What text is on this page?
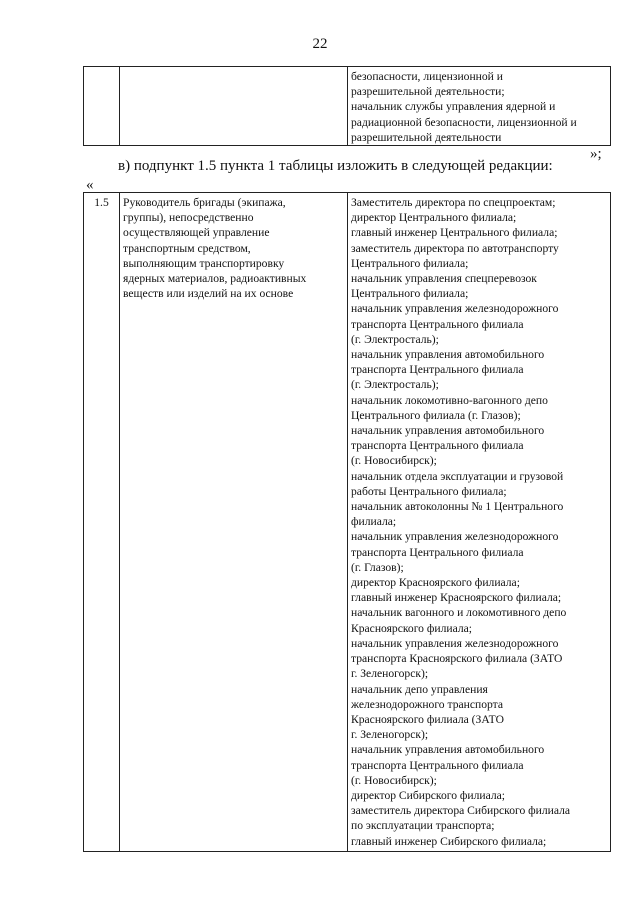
22

безопасности, лицензионной и
разрешительной деятельности;
начальник службы управления ядерной и
радиационной безопасности, лицензионной и
разрешительной деятельности
»;
в) подпункт 1.5 пункта 1 таблицы изложить в следующей редакции:
«
1.5	Руководитель бригады (экипажа,
группы), непосредственно
осуществляющей управление
транспортным средством,
выполняющим транспортировку
ядерных материалов, радиоактивных
веществ или изделий на их основе

Заместитель директора по спецпроектам;
директор Центрального филиала;
главный инженер Центрального филиала;
заместитель директора по автотранспорту
Центрального филиала;
начальник управления спецперевозок
Центрального филиала;
начальник управления железнодорожного
транспорта Центрального филиала
(г. Электросталь);
начальник управления автомобильного
транспорта Центрального филиала
(г. Электросталь);
начальник локомотивно-вагонного депо
Центрального филиала (г. Глазов);
начальник управления автомобильного
транспорта Центрального филиала
(г. Новосибирск);
начальник отдела эксплуатации и грузовой
работы Центрального филиала;
начальник автоколонны № 1 Центрального
филиала;
начальник управления железнодорожного
транспорта Центрального филиала
(г. Глазов);
директор Красноярского филиала;
главный инженер Красноярского филиала;
начальник вагонного и локомотивного депо
Красноярского филиала;
начальник управления железнодорожного
транспорта Красноярского филиала (ЗАТО
г. Зеленогорск);
начальник депо управления
железнодорожного транспорта
Красноярского филиала (ЗАТО
г. Зеленогорск);
начальник управления автомобильного
транспорта Центрального филиала
(г. Новосибирск);
директор Сибирского филиала;
заместитель директора Сибирского филиала
по эксплуатации транспорта;
главный инженер Сибирского филиала;
